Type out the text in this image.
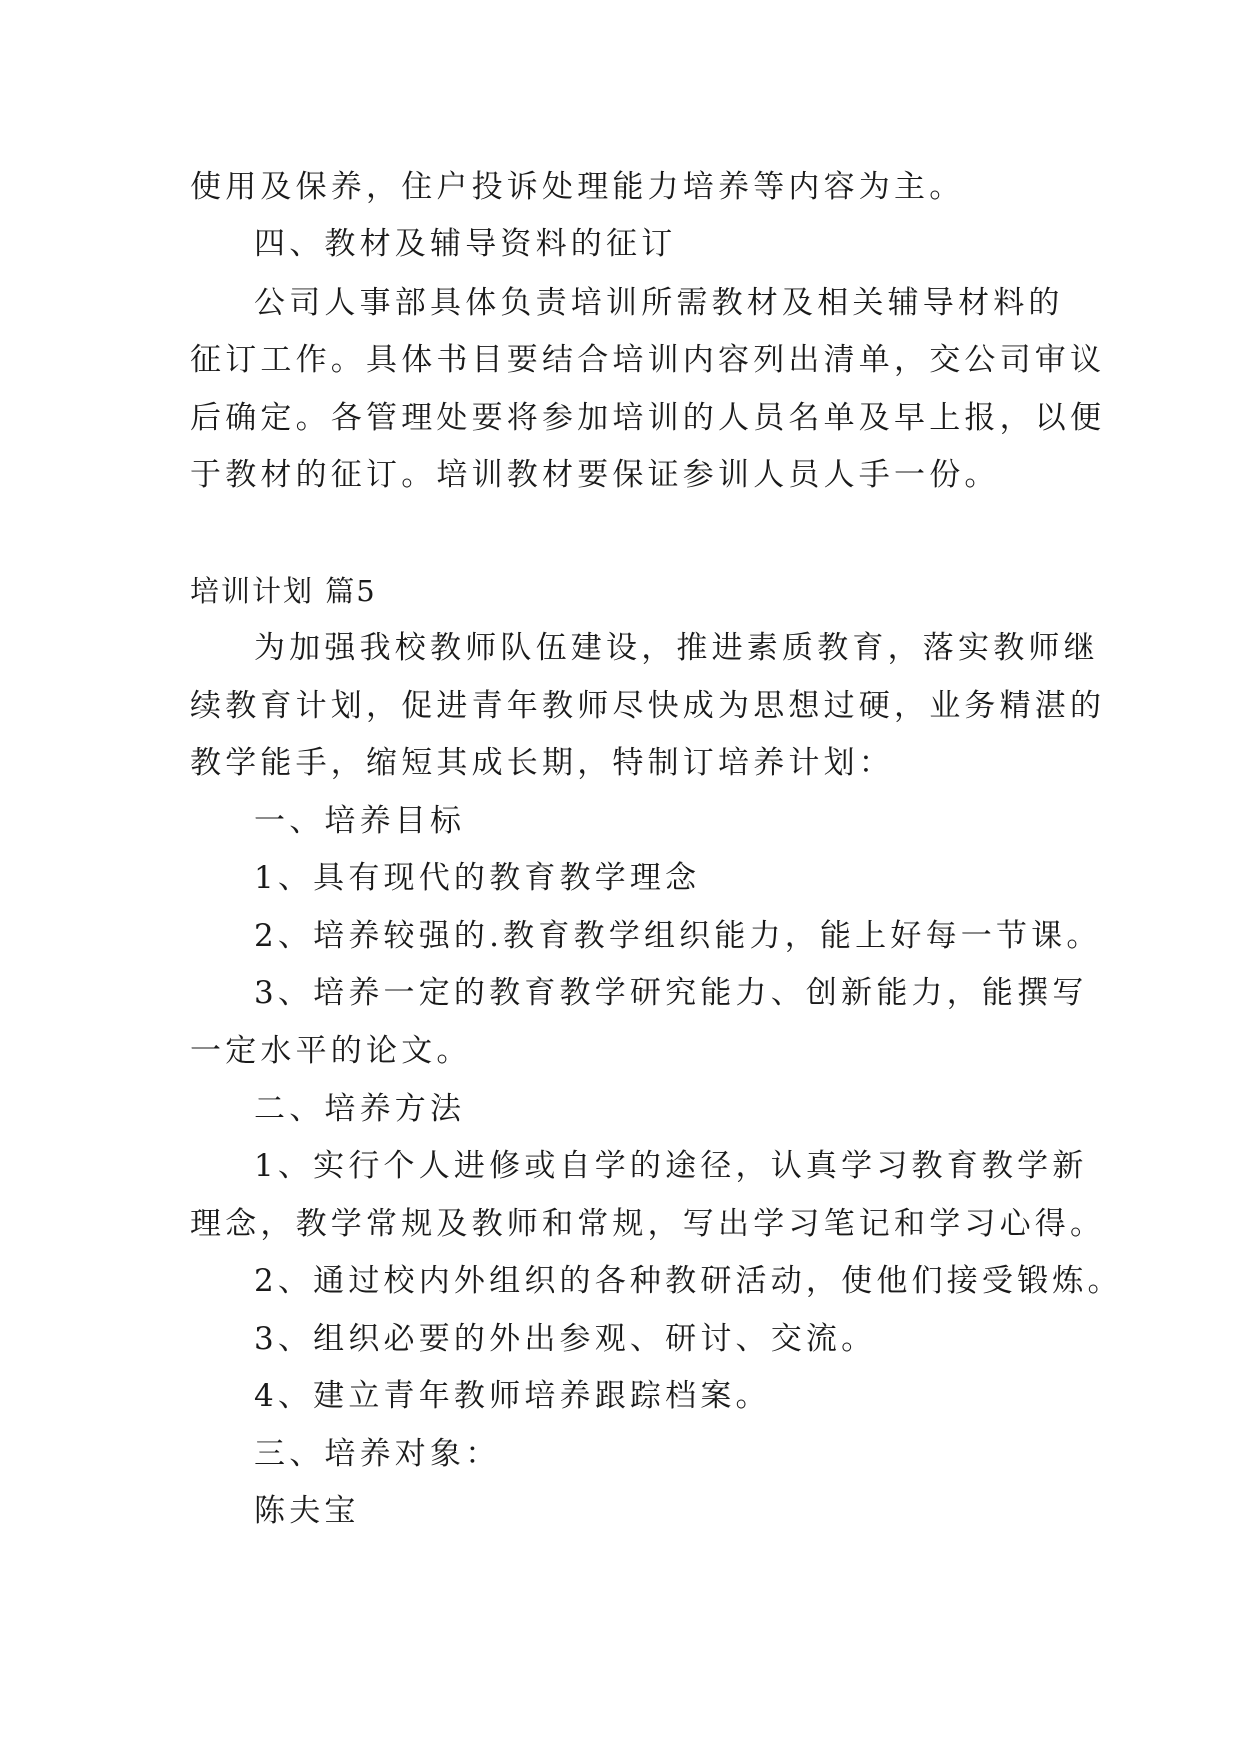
使用及保养，住户投诉处理能力培养等内容为主。
四、教材及辅导资料的征订
公司人事部具体负责培训所需教材及相关辅导材料的
征订工作。具体书目要结合培训内容列出清单，交公司审议
后确定。各管理处要将参加培训的人员名单及早上报，以便
于教材的征订。培训教材要保证参训人员人手一份。
培训计划 篇5
为加强我校教师队伍建设，推进素质教育，落实教师继
续教育计划，促进青年教师尽快成为思想过硬，业务精湛的
教学能手，缩短其成长期，特制订培养计划：
一、培养目标
1、具有现代的教育教学理念
2、培养较强的.教育教学组织能力，能上好每一节课。
3、培养一定的教育教学研究能力、创新能力，能撰写
一定水平的论文。
二、培养方法
1、实行个人进修或自学的途径，认真学习教育教学新
理念，教学常规及教师和常规，写出学习笔记和学习心得。
2、通过校内外组织的各种教研活动，使他们接受锻炼。
3、组织必要的外出参观、研讨、交流。
4、建立青年教师培养跟踪档案。
三、培养对象：
陈夫宝
